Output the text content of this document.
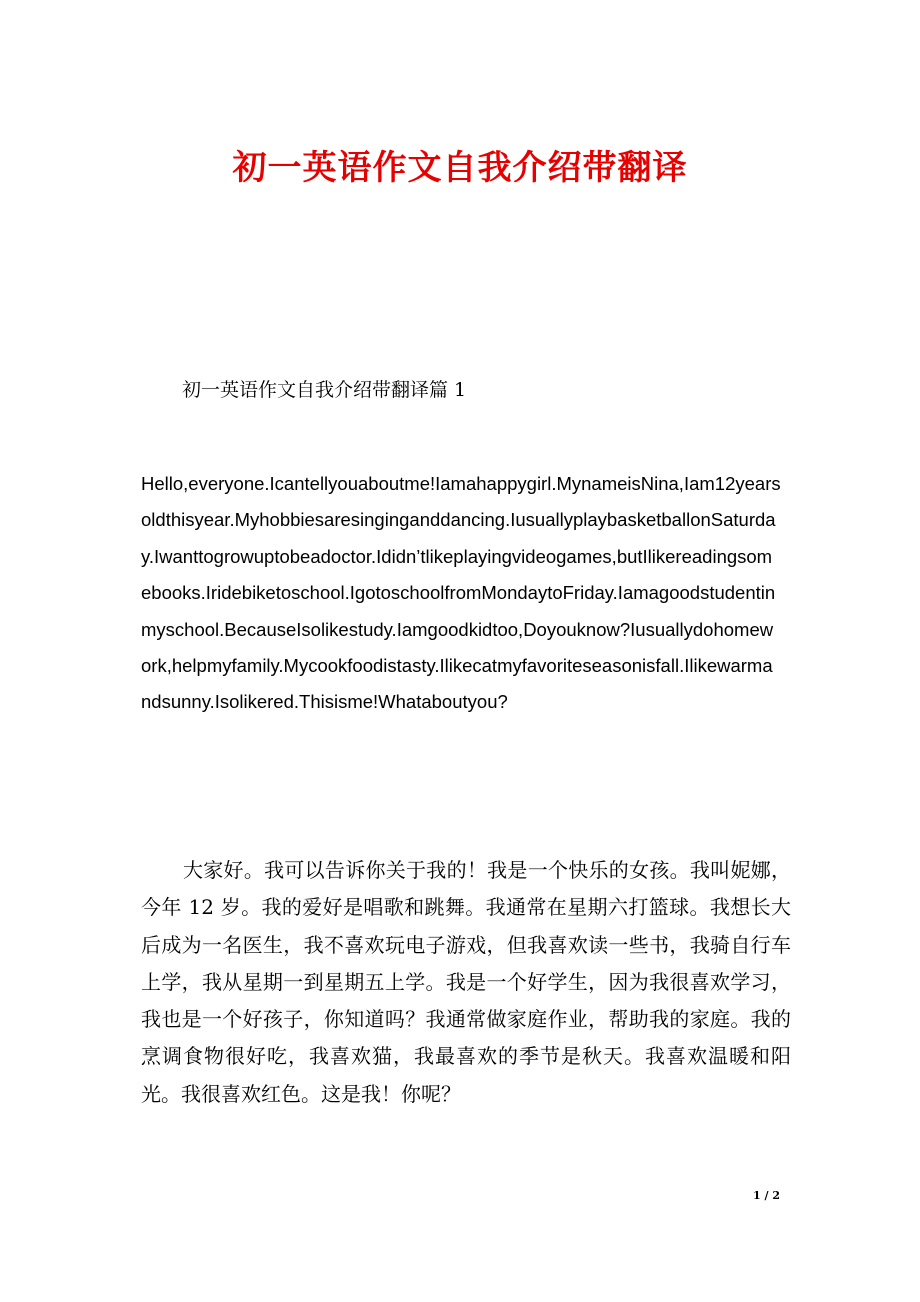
初一英语作文自我介绍带翻译

初一英语作文自我介绍带翻译篇 1

Hello,everyone.Icantellyouaboutme!Iamahappygirl.MynameisNina,Iam12yearsoldthisyear.Myhobbiesaresinginganddancing.IusuallyplaybasketballonSaturday.Iwanttogrowuptobeadoctor.Ididn’tlikeplayingvideogames,butIlikereadingsomebooks.Iridebiketoschool.IgotoschoolfromMondaytoFriday.Iamagoodstudentinmyschool.BecauseIsolikestudy.Iamgoodkidtoo,Doyouknow?Iusuallydohomework,helpmyfamily.Mycookfoodistasty.Ilikecatmyfavoriteseasonisfall.Ilikewarmandsunny.Isolikered.Thisisme!Whataboutyou?

大家好。我可以告诉你关于我的！我是一个快乐的女孩。我叫妮娜，今年 12 岁。我的爱好是唱歌和跳舞。我通常在星期六打篮球。我想长大后成为一名医生，我不喜欢玩电子游戏，但我喜欢读一些书，我骑自行车上学，我从星期一到星期五上学。我是一个好学生，因为我很喜欢学习，我也是一个好孩子，你知道吗？我通常做家庭作业，帮助我的家庭。我的烹调食物很好吃，我喜欢猫，我最喜欢的季节是秋天。我喜欢温暖和阳光。我很喜欢红色。这是我！你呢？

1 / 2
